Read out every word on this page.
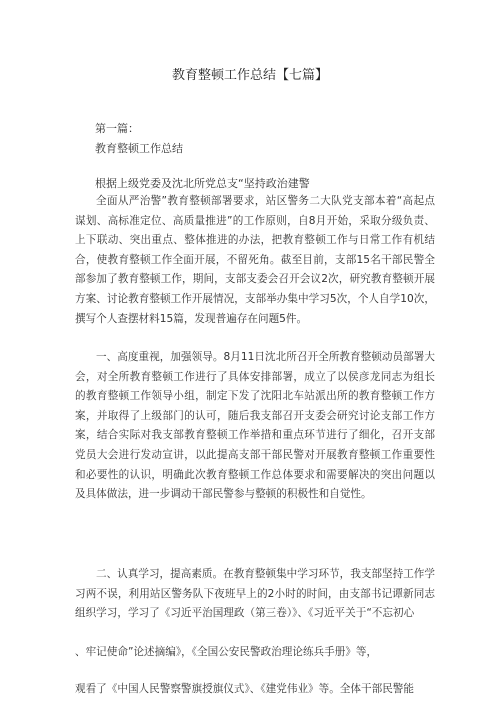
教育整顿工作总结【七篇】
第一篇：
教育整顿工作总结
根据上级党委及沈北所党总支“坚持政治建警
全面从严治警”教育整顿部署要求，站区警务二大队党支部本着“高起点谋划、高标准定位、高质量推进”的工作原则，自8月开始，采取分级负责、上下联动、突出重点、整体推进的办法，把教育整顿工作与日常工作有机结合，使教育整顿工作全面开展，不留死角。截至目前，支部15名干部民警全部参加了教育整顿工作，期间，支部支委会召开会议2次，研究教育整顿开展方案、讨论教育整顿工作开展情况，支部举办集中学习5次，个人自学10次，撰写个人查摆材料15篇，发现普遍存在问题5件。
一、高度重视，加强领导。8月11日沈北所召开全所教育整顿动员部署大会，对全所教育整顿工作进行了具体安排部署，成立了以侯彦龙同志为组长的教育整顿工作领导小组，制定下发了沈阳北车站派出所的教育整顿工作方案，并取得了上级部门的认可，随后我支部召开支委会研究讨论支部工作方案，结合实际对我支部教育整顿工作举措和重点环节进行了细化，召开支部党员大会进行发动宣讲，以此提高支部干部民警对开展教育整顿工作重要性和必要性的认识，明确此次教育整顿工作总体要求和需要解决的突出问题以及具体做法，进一步调动干部民警参与整顿的积极性和自觉性。
二、认真学习，提高素质。在教育整顿集中学习环节，我支部坚持工作学习两不误，利用站区警务队下夜班早上的2小时的时间，由支部书记谭新同志组织学习，学习了《习近平治国理政（第三卷）》、《习近平关于“不忘初心
、牢记使命”论述摘编》，《全国公安民警政治理论练兵手册》等，
观看了《中国人民警察警旗授旗仪式》、《建党伟业》等。全体干部民警能
